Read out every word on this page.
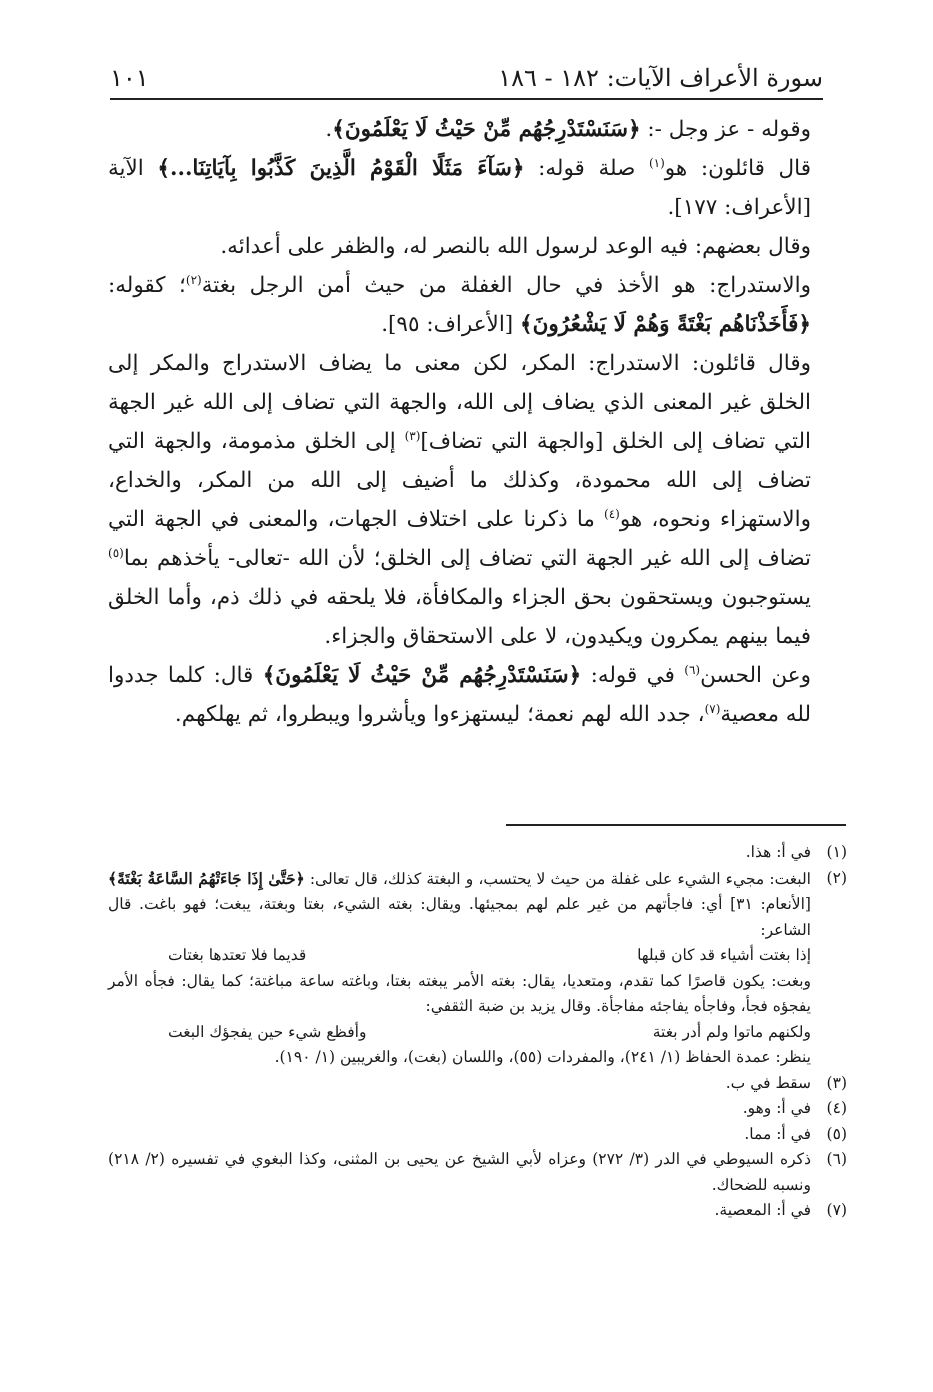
سورة الأعراف الآيات: ١٨٢ - ١٨٦
١٠١

وقوله - عز وجل -: ﴿سَنَسْتَدْرِجُهُم مِّنْ حَيْثُ لَا يَعْلَمُونَ﴾.

قال قائلون: هو$^{(١)}$ صلة قوله: ﴿سَآءَ مَثَلًا الْقَوْمُ الَّذِينَ كَذَّبُوا بِآيَاتِنَا...﴾ الآية [الأعراف: ١٧٧].

وقال بعضهم: فيه الوعد لرسول الله بالنصر له، والظفر على أعدائه.

والاستدراج: هو الأخذ في حال الغفلة من حيث أمن الرجل بغتة$^{(٢)}$؛ كقوله: ﴿فَأَخَذْنَاهُم بَغْتَةً وَهُمْ لَا يَشْعُرُونَ﴾ [الأعراف: ٩٥].

وقال قائلون: الاستدراج: المكر، لكن معنى ما يضاف الاستدراج والمكر إلى الخلق غير المعنى الذي يضاف إلى الله، والجهة التي تضاف إلى الله غير الجهة التي تضاف إلى الخلق [والجهة التي تضاف]$^{(٣)}$ إلى الخلق مذمومة، والجهة التي تضاف إلى الله محمودة، وكذلك ما أضيف إلى الله من المكر، والخداع، والاستهزاء ونحوه، هو$^{(٤)}$ ما ذكرنا على اختلاف الجهات، والمعنى في الجهة التي تضاف إلى الله غير الجهة التي تضاف إلى الخلق؛ لأن الله -تعالى- يأخذهم بما$^{(٥)}$ يستوجبون ويستحقون بحق الجزاء والمكافأة، فلا يلحقه في ذلك ذم، وأما الخلق فيما بينهم يمكرون ويكيدون، لا على الاستحقاق والجزاء.

وعن الحسن$^{(٦)}$ في قوله: ﴿سَنَسْتَدْرِجُهُم مِّنْ حَيْثُ لَا يَعْلَمُونَ﴾ قال: كلما جددوا لله معصية$^{(٧)}$، جدد الله لهم نعمة؛ ليستهزءوا ويأشروا ويبطروا، ثم يهلكهم.

(١)
في أ: هذا.
(٢)
البغت: مجيء الشيء على غفلة من حيث لا يحتسب، و البغتة كذلك، قال تعالى: ﴿حَتَّىٰ إِذَا جَاءَتْهُمُ السَّاعَةُ بَغْتَةً﴾ [الأنعام: ٣١] أي: فاجأتهم من غير علم لهم بمجيئها. ويقال: بغته الشيء، بغتا وبغتة، يبغت؛ فهو باغت. قال الشاعر:
إذا بغتت أشياء قد كان قبلها
قديما فلا تعتدها بغتات
وبغت: يكون قاصرًا كما تقدم، ومتعديا، يقال: بغته الأمر يبغته بغتا، وباغته ساعة مباغتة؛ كما يقال: فجأه الأمر يفجؤه فجأ، وفاجأه يفاجئه مفاجأة. وقال يزيد بن ضبة الثقفي:
ولكنهم ماتوا ولم أدر بغتة
وأفظع شيء حين يفجؤك البغت
ينظر: عمدة الحفاظ (١/ ٢٤١)، والمفردات (٥٥)، واللسان (بغت)، والغريبين (١/ ١٩٠).
(٣)
سقط في ب.
(٤)
في أ: وهو.
(٥)
في أ: مما.
(٦)
ذكره السيوطي في الدر (٣/ ٢٧٢) وعزاه لأبي الشيخ عن يحيى بن المثنى، وكذا البغوي في تفسيره (٢/ ٢١٨) ونسبه للضحاك.
(٧)
في أ: المعصية.
